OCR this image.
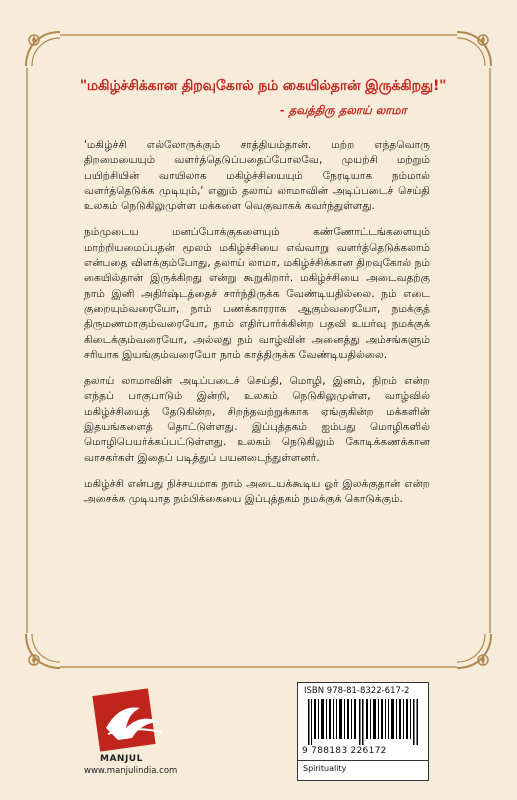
"மகிழ்ச்சிக்கான திறவுகோல் நம் கையில்தான் இருக்கிறது!"
- தவத்திரு தலாய் லாமா

'மகிழ்ச்சி எல்லோருக்கும் சாத்தியம்தான். மற்ற எந்தவொரு திறமையையும் வளர்த்தெடுப்பதைப்போலவே, முயற்சி மற்றும் பயிற்சியின் வாயிலாக மகிழ்ச்சியையும் நேரடியாக நம்மால் வளர்த்தெடுக்க முடியும்,' எனும் தலாய் லாமாவின் அடிப்படைச் செய்தி உலகம் நெடுகிலுமுள்ள மக்களை வெகுவாகக் கவர்ந்துள்ளது.

நம்முடைய மனப்போக்குகளையும் கண்ணோட்டங்களையும் மாற்றியமைப்பதன் மூலம் மகிழ்ச்சியை எவ்வாறு வளர்த்தெடுக்கலாம் என்பதை விளக்கும்போது, தலாய் லாமா, மகிழ்ச்சிக்கான திறவுகோல் நம் கையில்தான் இருக்கிறது என்று கூறுகிறார். மகிழ்ச்சியை அடைவதற்கு நாம் இனி அதிர்ஷ்டத்தைச் சார்ந்திருக்க வேண்டியதில்லை. நம் எடை குறையும்வரையோ, நாம் பணக்காரராக ஆகும்வரையோ, நமக்குத் திருமணமாகும்வரையோ, நாம் எதிர்பார்க்கின்ற பதவி உயர்வு நமக்குக் கிடைக்கும்வரையோ, அல்லது நம் வாழ்வின் அனைத்து அம்சங்களும் சரியாக இயங்கும்வரையோ நாம் காத்திருக்க வேண்டியதில்லை.

தலாய் லாமாவின் அடிப்படைச் செய்தி, மொழி, இனம், நிறம் என்ற எந்தப் பாகுபாடும் இன்றி, உலகம் நெடுகிலுமுள்ள, வாழ்வில் மகிழ்ச்சியைத் தேடுகின்ற, சிறந்தவற்றுக்காக ஏங்குகின்ற மக்களின் இதயங்களைத் தொட்டுள்ளது. இப்புத்தகம் ஐம்பது மொழிகளில் மொழிபெயர்க்கப்பட்டுள்ளது. உலகம் நெடுகிலும் கோடிக்கணக்கான வாசகர்கள் இதைப் படித்துப் பயனடைந்துள்ளனர்.

மகிழ்ச்சி என்பது நிச்சயமாக நாம் அடையக்கூடிய ஓர் இலக்குதான் என்ற அசைக்க முடியாத நம்பிக்கையை இப்புத்தகம் நமக்குக் கொடுக்கும்.

MANJUL
www.manjulindia.com
ISBN 978-81-8322-617-2
9 788183 226172
Spirituality
